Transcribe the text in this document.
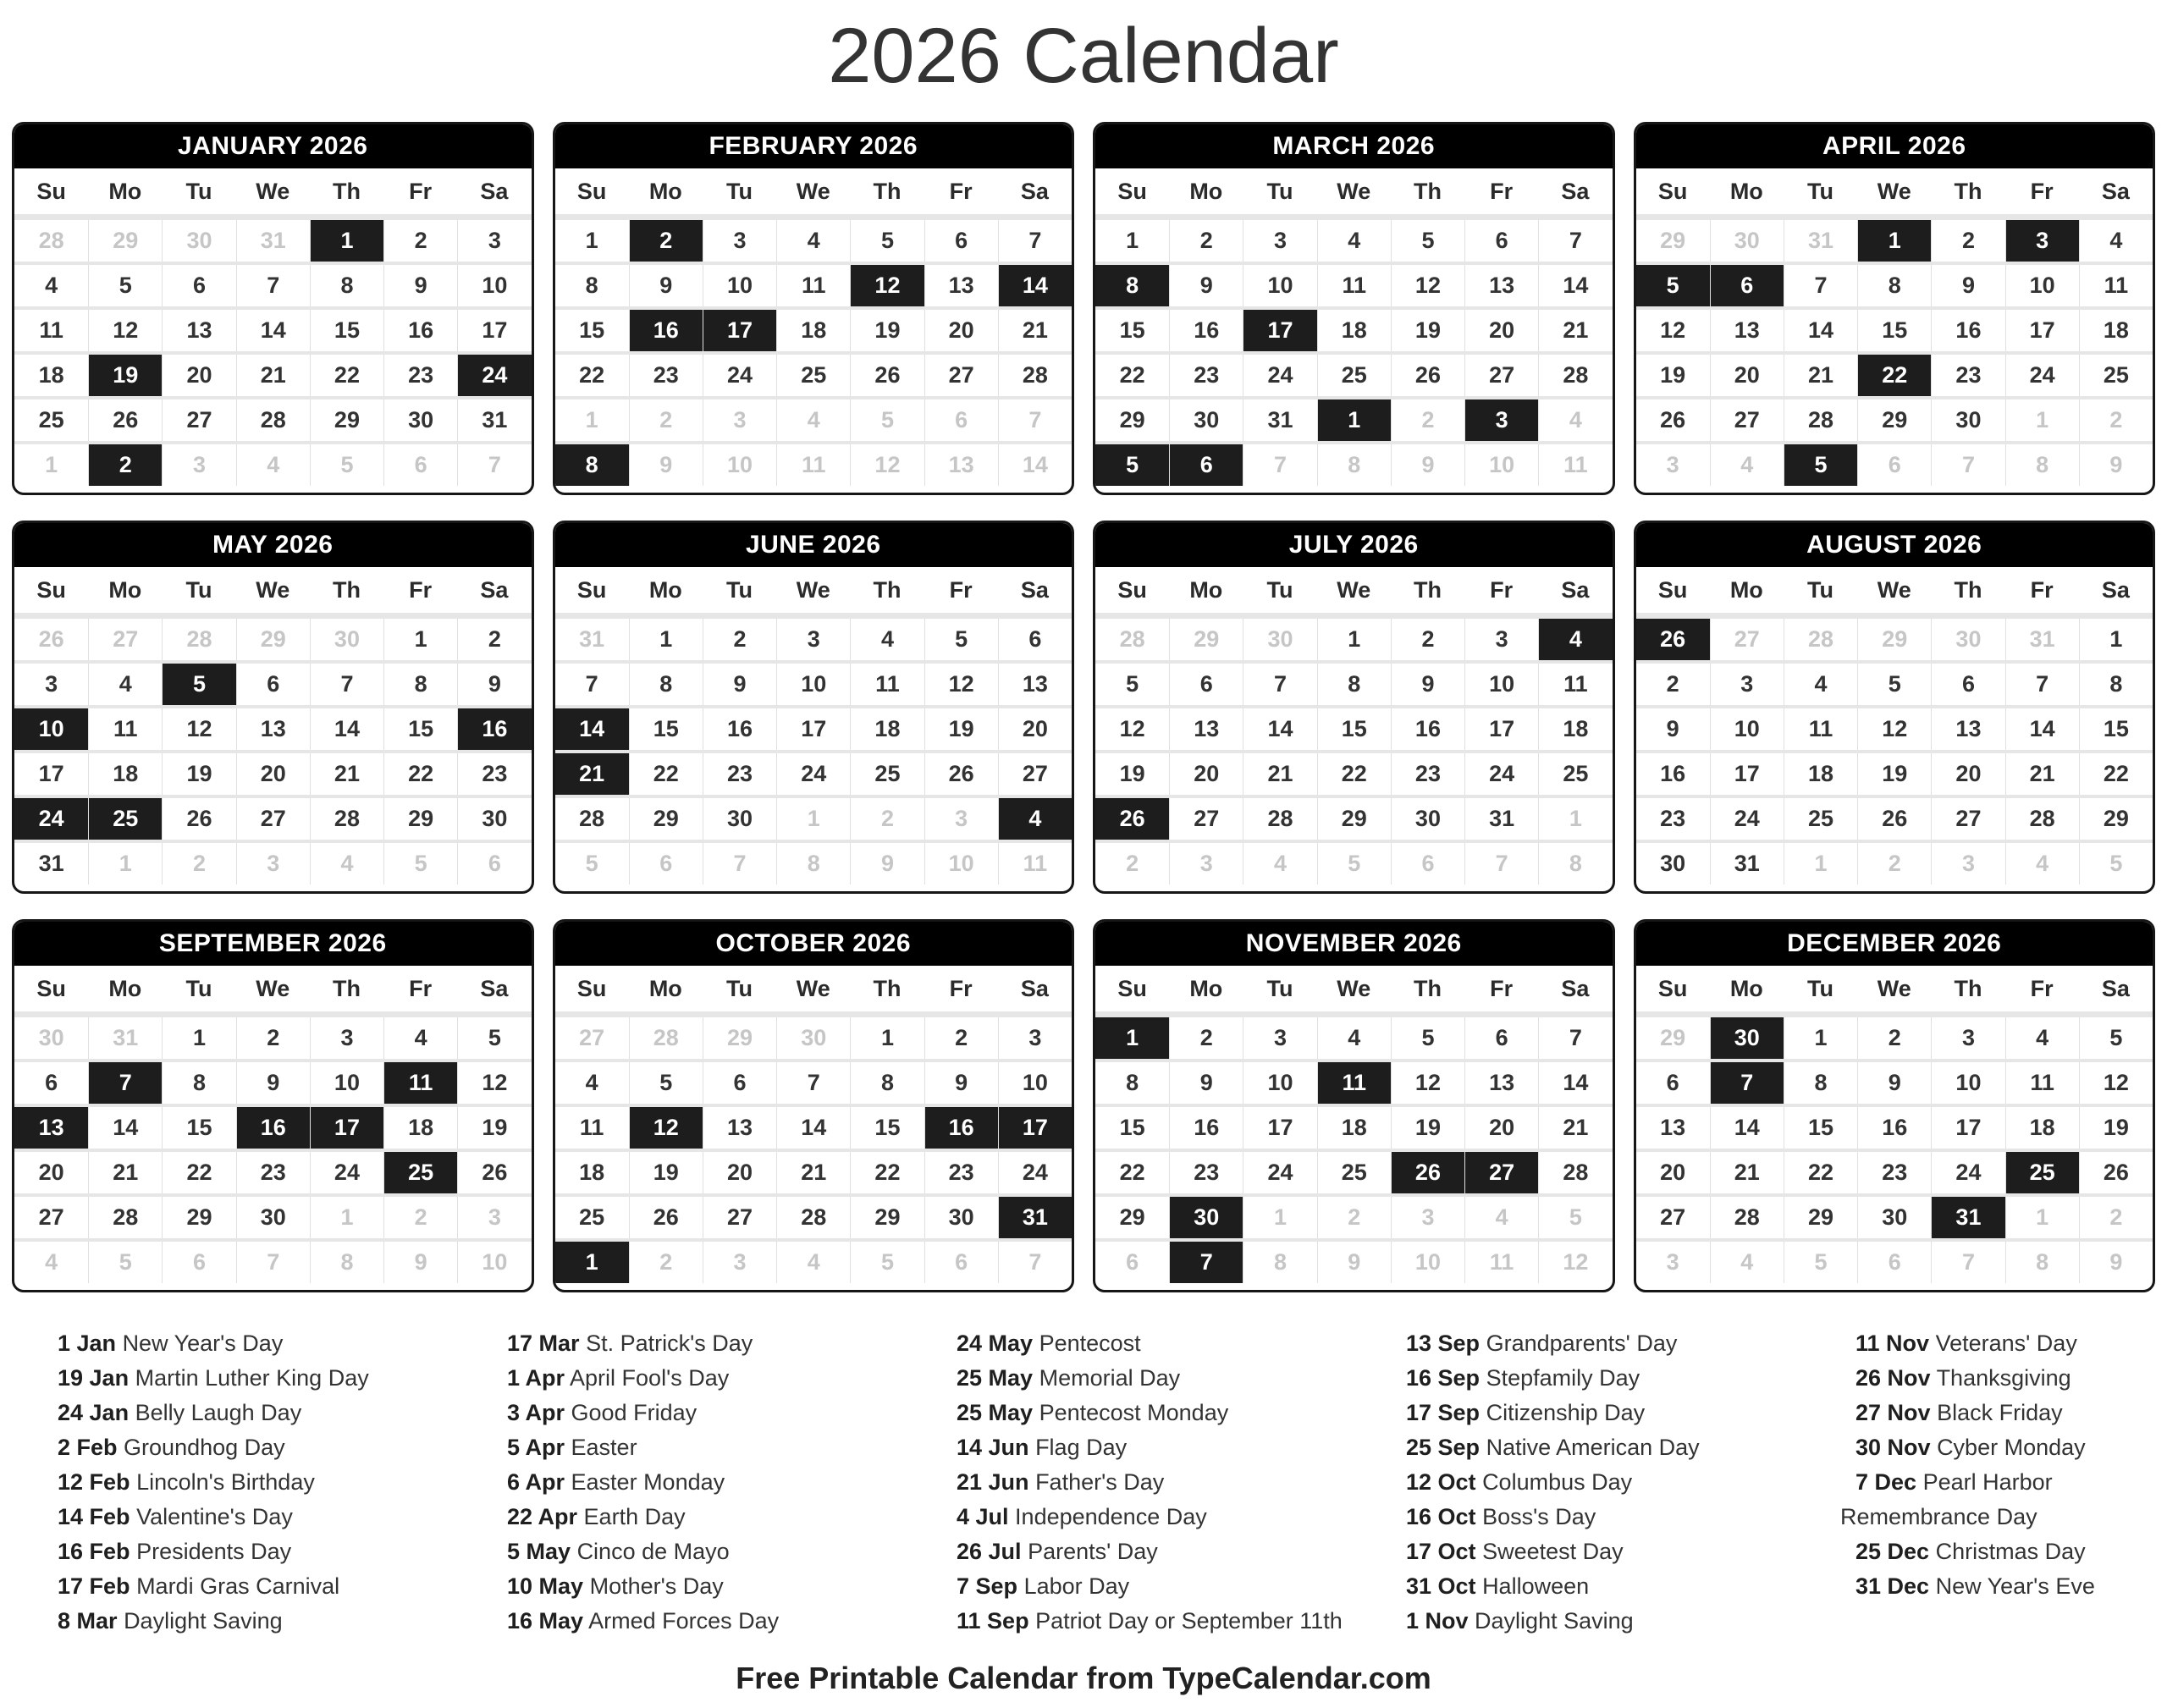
2026 Calendar
JANUARY 2026
Su	Mo	Tu	We	Th	Fr	Sa
28	29	30	31	1	2	3
4	5	6	7	8	9	10
11	12	13	14	15	16	17
18	19	20	21	22	23	24
25	26	27	28	29	30	31
1	2	3	4	5	6	7
FEBRUARY 2026
Su	Mo	Tu	We	Th	Fr	Sa
1	2	3	4	5	6	7
8	9	10	11	12	13	14
15	16	17	18	19	20	21
22	23	24	25	26	27	28
1	2	3	4	5	6	7
8	9	10	11	12	13	14
MARCH 2026
Su	Mo	Tu	We	Th	Fr	Sa
1	2	3	4	5	6	7
8	9	10	11	12	13	14
15	16	17	18	19	20	21
22	23	24	25	26	27	28
29	30	31	1	2	3	4
5	6	7	8	9	10	11
APRIL 2026
Su	Mo	Tu	We	Th	Fr	Sa
29	30	31	1	2	3	4
5	6	7	8	9	10	11
12	13	14	15	16	17	18
19	20	21	22	23	24	25
26	27	28	29	30	1	2
3	4	5	6	7	8	9
MAY 2026
Su	Mo	Tu	We	Th	Fr	Sa
26	27	28	29	30	1	2
3	4	5	6	7	8	9
10	11	12	13	14	15	16
17	18	19	20	21	22	23
24	25	26	27	28	29	30
31	1	2	3	4	5	6
JUNE 2026
Su	Mo	Tu	We	Th	Fr	Sa
31	1	2	3	4	5	6
7	8	9	10	11	12	13
14	15	16	17	18	19	20
21	22	23	24	25	26	27
28	29	30	1	2	3	4
5	6	7	8	9	10	11
JULY 2026
Su	Mo	Tu	We	Th	Fr	Sa
28	29	30	1	2	3	4
5	6	7	8	9	10	11
12	13	14	15	16	17	18
19	20	21	22	23	24	25
26	27	28	29	30	31	1
2	3	4	5	6	7	8
AUGUST 2026
Su	Mo	Tu	We	Th	Fr	Sa
26	27	28	29	30	31	1
2	3	4	5	6	7	8
9	10	11	12	13	14	15
16	17	18	19	20	21	22
23	24	25	26	27	28	29
30	31	1	2	3	4	5
SEPTEMBER 2026
Su	Mo	Tu	We	Th	Fr	Sa
30	31	1	2	3	4	5
6	7	8	9	10	11	12
13	14	15	16	17	18	19
20	21	22	23	24	25	26
27	28	29	30	1	2	3
4	5	6	7	8	9	10
OCTOBER 2026
Su	Mo	Tu	We	Th	Fr	Sa
27	28	29	30	1	2	3
4	5	6	7	8	9	10
11	12	13	14	15	16	17
18	19	20	21	22	23	24
25	26	27	28	29	30	31
1	2	3	4	5	6	7
NOVEMBER 2026
Su	Mo	Tu	We	Th	Fr	Sa
1	2	3	4	5	6	7
8	9	10	11	12	13	14
15	16	17	18	19	20	21
22	23	24	25	26	27	28
29	30	1	2	3	4	5
6	7	8	9	10	11	12
DECEMBER 2026
Su	Mo	Tu	We	Th	Fr	Sa
29	30	1	2	3	4	5
6	7	8	9	10	11	12
13	14	15	16	17	18	19
20	21	22	23	24	25	26
27	28	29	30	31	1	2
3	4	5	6	7	8	9

1 Jan New Year's Day

19 Jan Martin Luther King Day

24 Jan Belly Laugh Day

2 Feb Groundhog Day

12 Feb Lincoln's Birthday

14 Feb Valentine's Day

16 Feb Presidents Day

17 Feb Mardi Gras Carnival

8 Mar Daylight Saving

17 Mar St. Patrick's Day

1 Apr April Fool's Day

3 Apr Good Friday

5 Apr Easter

6 Apr Easter Monday

22 Apr Earth Day

5 May Cinco de Mayo

10 May Mother's Day

16 May Armed Forces Day

24 May Pentecost

25 May Memorial Day

25 May Pentecost Monday

14 Jun Flag Day

21 Jun Father's Day

4 Jul Independence Day

26 Jul Parents' Day

7 Sep Labor Day

11 Sep Patriot Day or September 11th

13 Sep Grandparents' Day

16 Sep Stepfamily Day

17 Sep Citizenship Day

25 Sep Native American Day

12 Oct Columbus Day

16 Oct Boss's Day

17 Oct Sweetest Day

31 Oct Halloween

1 Nov Daylight Saving

11 Nov Veterans' Day

26 Nov Thanksgiving

27 Nov Black Friday

30 Nov Cyber Monday

7 Dec Pearl Harbor Remembrance Day

25 Dec Christmas Day

31 Dec New Year's Eve

Free Printable Calendar from TypeCalendar.com
